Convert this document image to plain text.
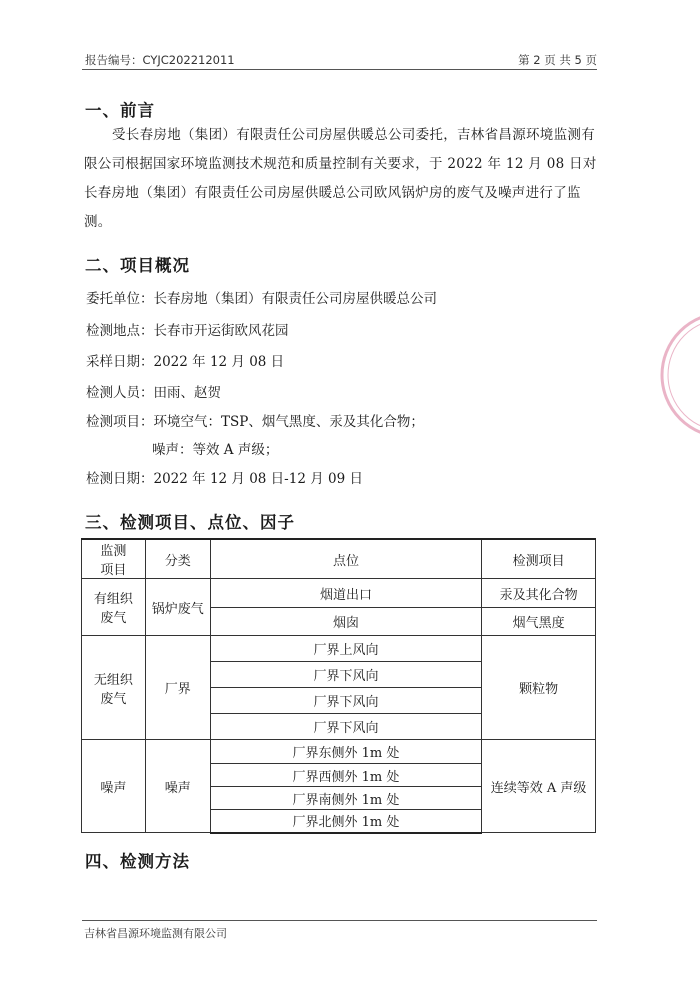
报告编号：CYJC202212011	第 2 页 共 5 页
一、前言

受长春房地（集团）有限责任公司房屋供暖总公司委托，吉林省昌源环境监测有限公司根据国家环境监测技术规范和质量控制有关要求，于 2022 年 12 月 08 日对长春房地（集团）有限责任公司房屋供暖总公司欧风锅炉房的废气及噪声进行了监测。

二、项目概况
委托单位：长春房地（集团）有限责任公司房屋供暖总公司
检测地点：长春市开运街欧风花园
采样日期：2022 年 12 月 08 日
检测人员：田雨、赵贺
检测项目：环境空气：TSP、烟气黑度、汞及其化合物；
噪声：等效 A 声级；
检测日期：2022 年 12 月 08 日-12 月 09 日
三、检测项目、点位、因子
监测
项目	分类	点位	检测项目
有组织
废气	锅炉废气	烟道出口	汞及其化合物
		烟囱	烟气黑度
无组织
废气	厂界	厂界上风向	颗粒物
		厂界下风向	
		厂界下风向	
		厂界下风向	
噪声	噪声	厂界东侧外 1m 处	连续等效 A 声级
		厂界西侧外 1m 处	
		厂界南侧外 1m 处	
		厂界北侧外 1m 处	
四、检测方法
吉林省昌源环境监测有限公司
